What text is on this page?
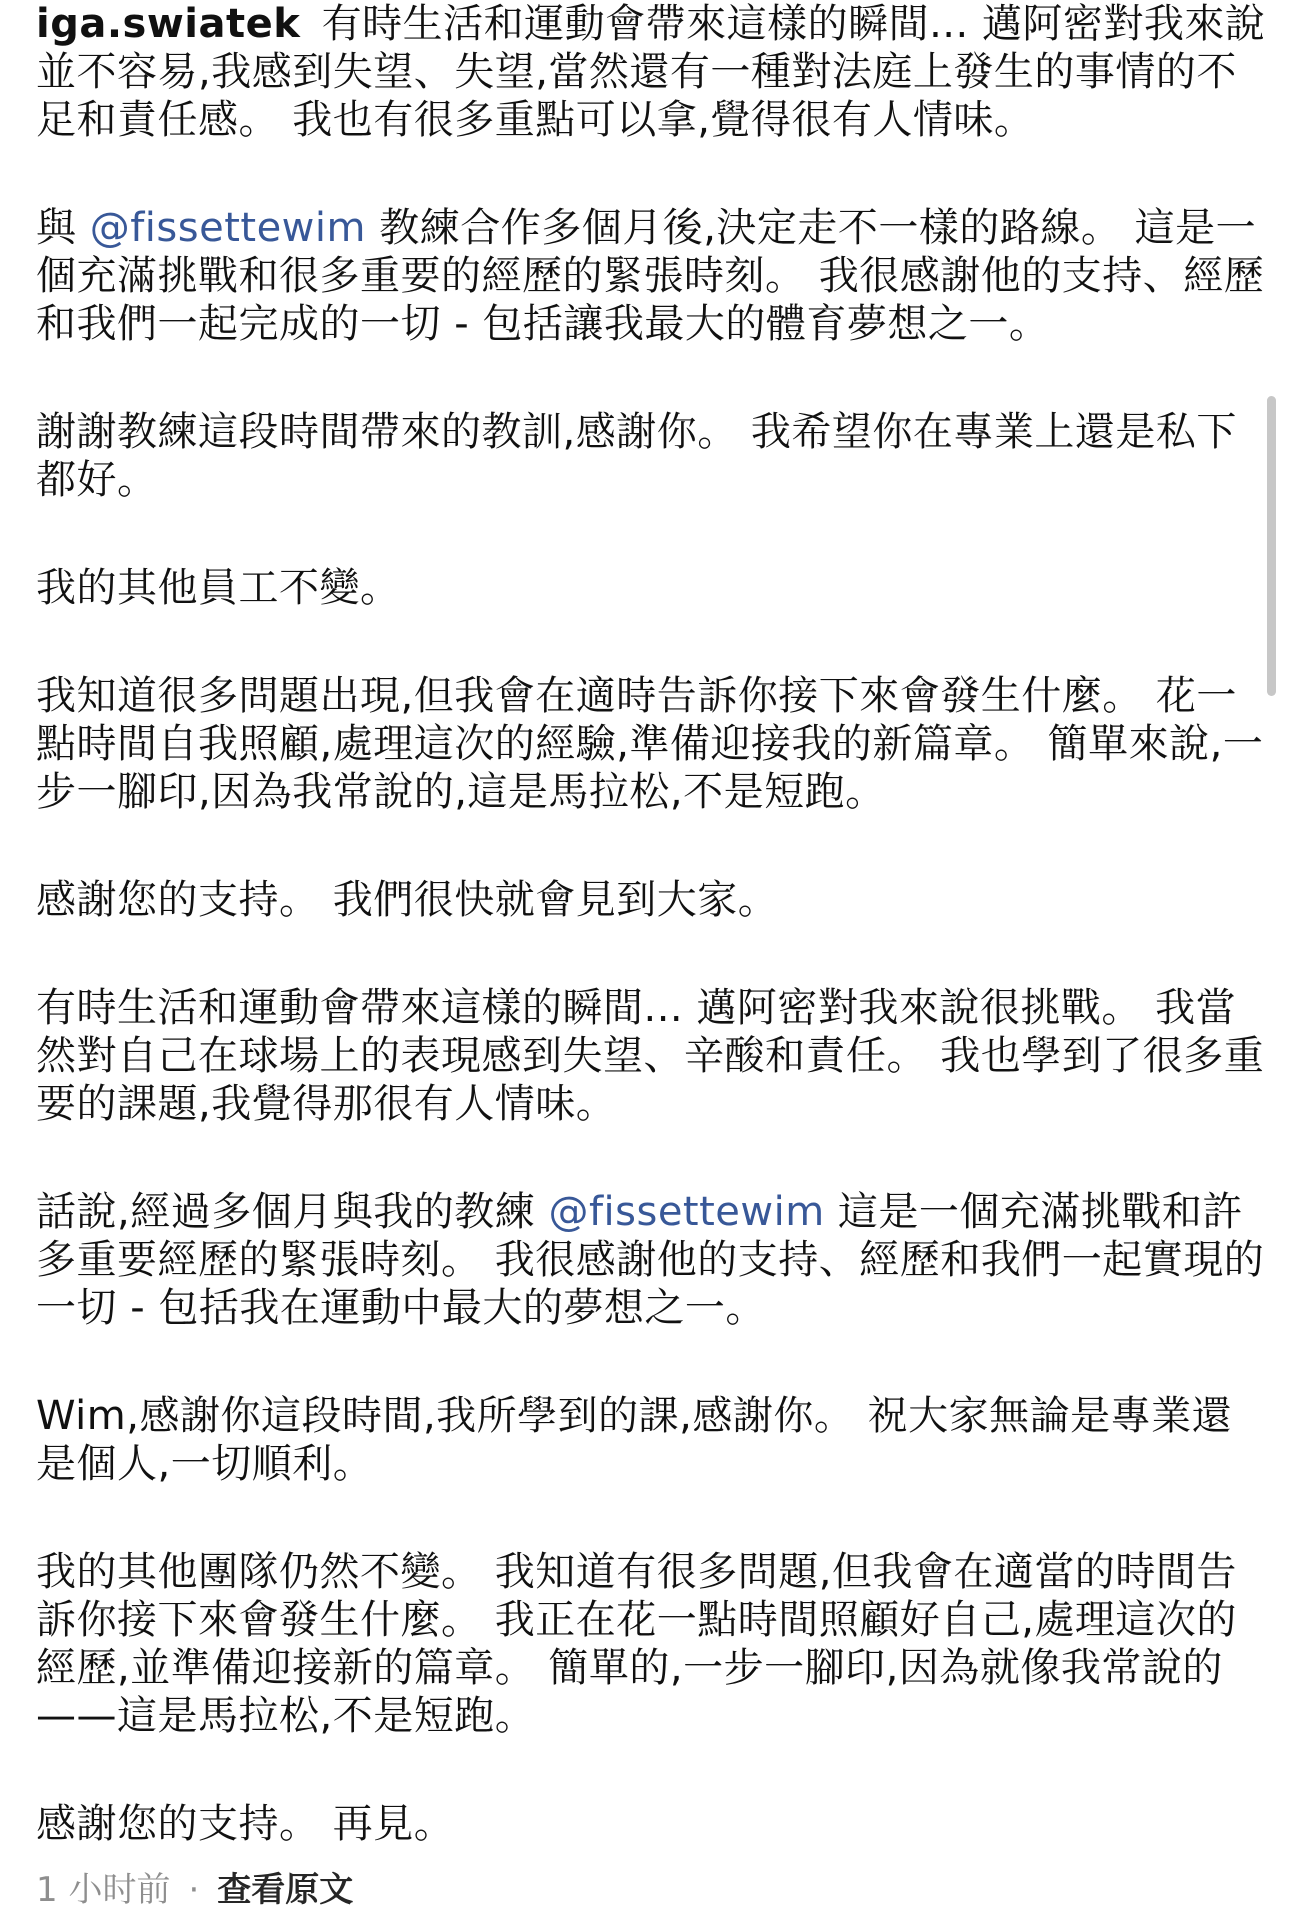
iga.swiatek 有時生活和運動會帶來這樣的瞬間... 邁阿密對我來說並不容易,我感到失望、失望,當然還有一種對法庭上發生的事情的不足和責任感。 我也有很多重點可以拿,覺得很有人情味。

與 @fissettewim 教練合作多個月後,決定走不一樣的路線。 這是一個充滿挑戰和很多重要的經歷的緊張時刻。 我很感謝他的支持、經歷和我們一起完成的一切 - 包括讓我最大的體育夢想之一。

謝謝教練這段時間帶來的教訓,感謝你。 我希望你在專業上還是私下都好。

我的其他員工不變。

我知道很多問題出現,但我會在適時告訴你接下來會發生什麼。 花一點時間自我照顧,處理這次的經驗,準備迎接我的新篇章。 簡單來說,一步一腳印,因為我常說的,這是馬拉松,不是短跑。

感謝您的支持。 我們很快就會見到大家。

有時生活和運動會帶來這樣的瞬間... 邁阿密對我來說很挑戰。 我當然對自己在球場上的表現感到失望、辛酸和責任。 我也學到了很多重要的課題,我覺得那很有人情味。

話說,經過多個月與我的教練 @fissettewim 這是一個充滿挑戰和許多重要經歷的緊張時刻。 我很感謝他的支持、經歷和我們一起實現的一切 - 包括我在運動中最大的夢想之一。

Wim,感謝你這段時間,我所學到的課,感謝你。 祝大家無論是專業還是個人,一切順利。

我的其他團隊仍然不變。 我知道有很多問題,但我會在適當的時間告訴你接下來會發生什麼。 我正在花一點時間照顧好自己,處理這次的經歷,並準備迎接新的篇章。 簡單的,一步一腳印,因為就像我常說的——這是馬拉松,不是短跑。

感謝您的支持。 再見。

1 小时前 · 查看原文
